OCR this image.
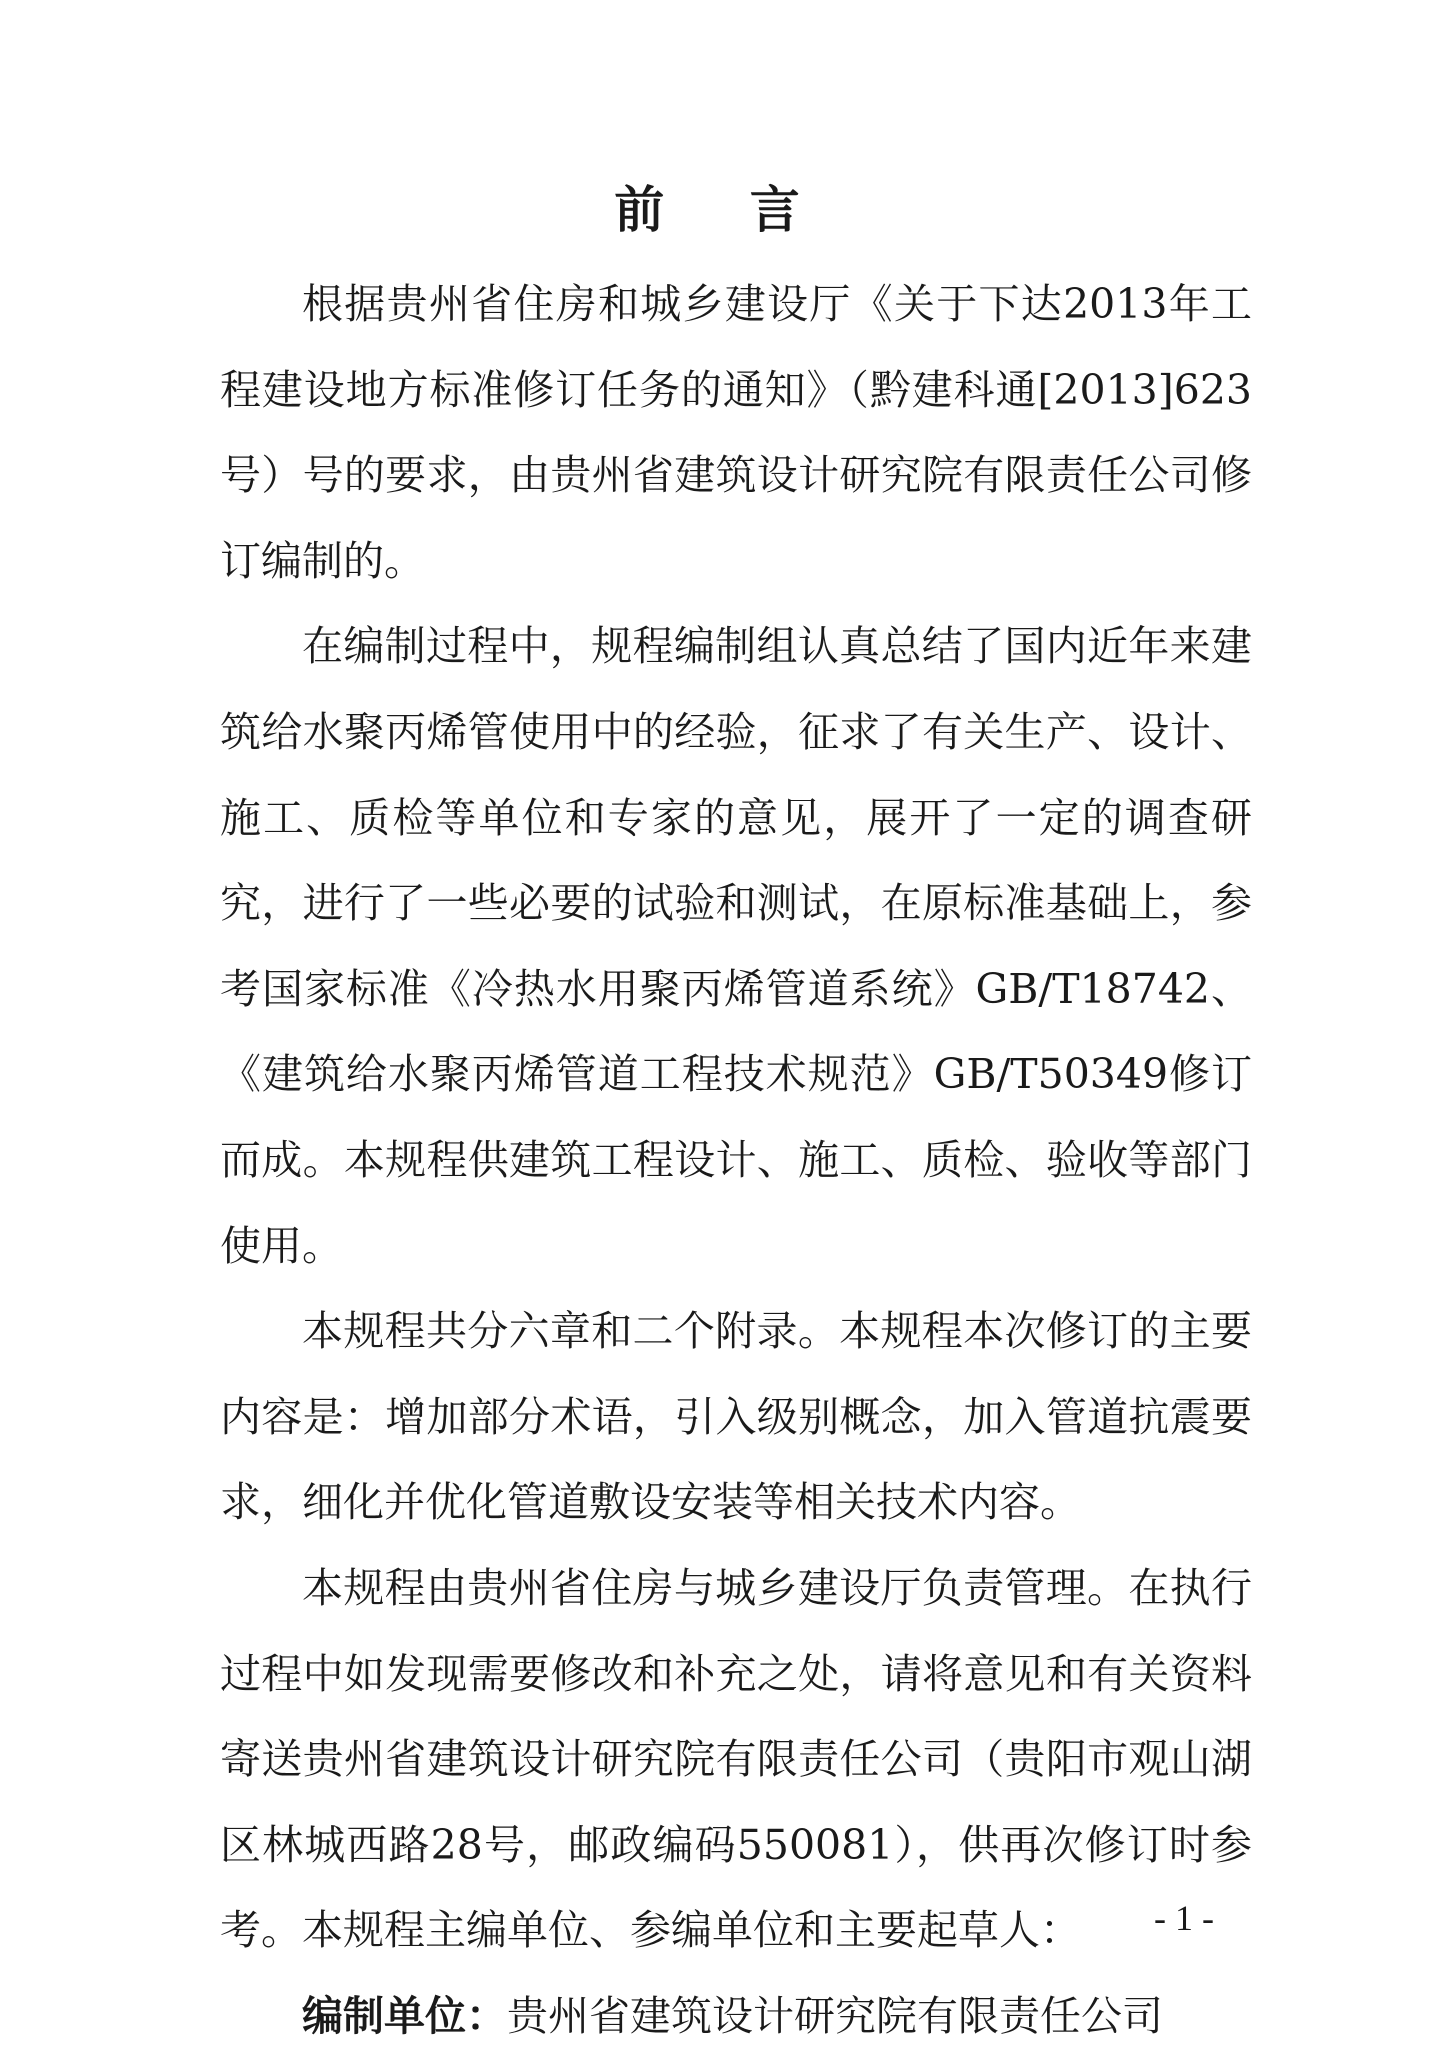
前 言

根据贵州省住房和城乡建设厅《关于下达2013年工程建设地方标准修订任务的通知》（黔建科通[2013]623号）号的要求，由贵州省建筑设计研究院有限责任公司修订编制的。

在编制过程中，规程编制组认真总结了国内近年来建筑给水聚丙烯管使用中的经验，征求了有关生产、设计、施工、质检等单位和专家的意见，展开了一定的调查研究，进行了一些必要的试验和测试，在原标准基础上，参考国家标准《冷热水用聚丙烯管道系统》GB/T18742、《建筑给水聚丙烯管道工程技术规范》GB/T50349修订而成。本规程供建筑工程设计、施工、质检、验收等部门使用。

本规程共分六章和二个附录。本规程本次修订的主要内容是：增加部分术语，引入级别概念，加入管道抗震要求，细化并优化管道敷设安装等相关技术内容。

本规程由贵州省住房与城乡建设厅负责管理。在执行过程中如发现需要修改和补充之处，请将意见和有关资料寄送贵州省建筑设计研究院有限责任公司（贵阳市观山湖区林城西路28号，邮政编码550081），供再次修订时参考。本规程主编单位、参编单位和主要起草人：

编制单位：贵州省建筑设计研究院有限责任公司

- 1 -
